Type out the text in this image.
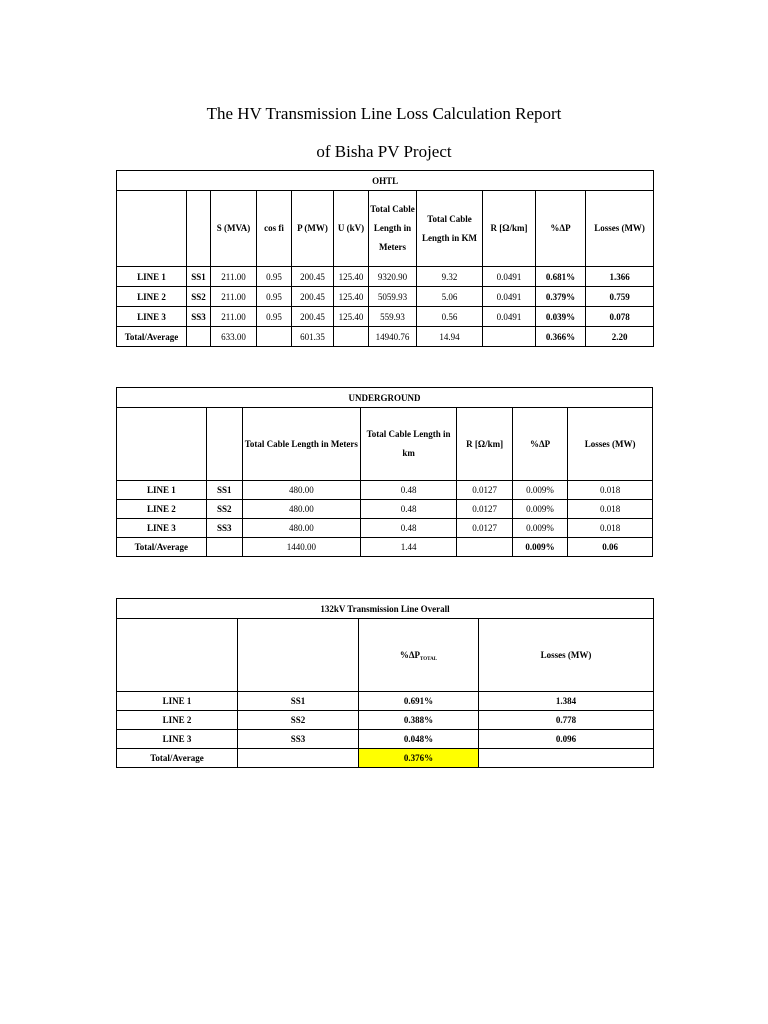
The HV Transmission Line Loss Calculation Report
of Bisha PV Project
OHTL										
		S (MVA)	cos fi	P (MW)	U (kV)	Total Cable Length in Meters	Total Cable Length in KM	R [Ω/km]	%ΔP	Losses (MW)
LINE 1	SS1	211.00	0.95	200.45	125.40	9320.90	9.32	0.0491	0.681%	1.366
LINE 2	SS2	211.00	0.95	200.45	125.40	5059.93	5.06	0.0491	0.379%	0.759
LINE 3	SS3	211.00	0.95	200.45	125.40	559.93	0.56	0.0491	0.039%	0.078
Total/Average		633.00		601.35		14940.76	14.94		0.366%	2.20
UNDERGROUND						
		Total Cable Length in Meters	Total Cable Length in km	R [Ω/km]	%ΔP	Losses (MW)
LINE 1	SS1	480.00	0.48	0.0127	0.009%	0.018
LINE 2	SS2	480.00	0.48	0.0127	0.009%	0.018
LINE 3	SS3	480.00	0.48	0.0127	0.009%	0.018
Total/Average		1440.00	1.44		0.009%	0.06
132kV Transmission Line Overall			
		$\%\Delta P_{TOTAL}$	Losses (MW)
LINE 1	SS1	0.691%	1.384
LINE 2	SS2	0.388%	0.778
LINE 3	SS3	0.048%	0.096
Total/Average		0.376%	
